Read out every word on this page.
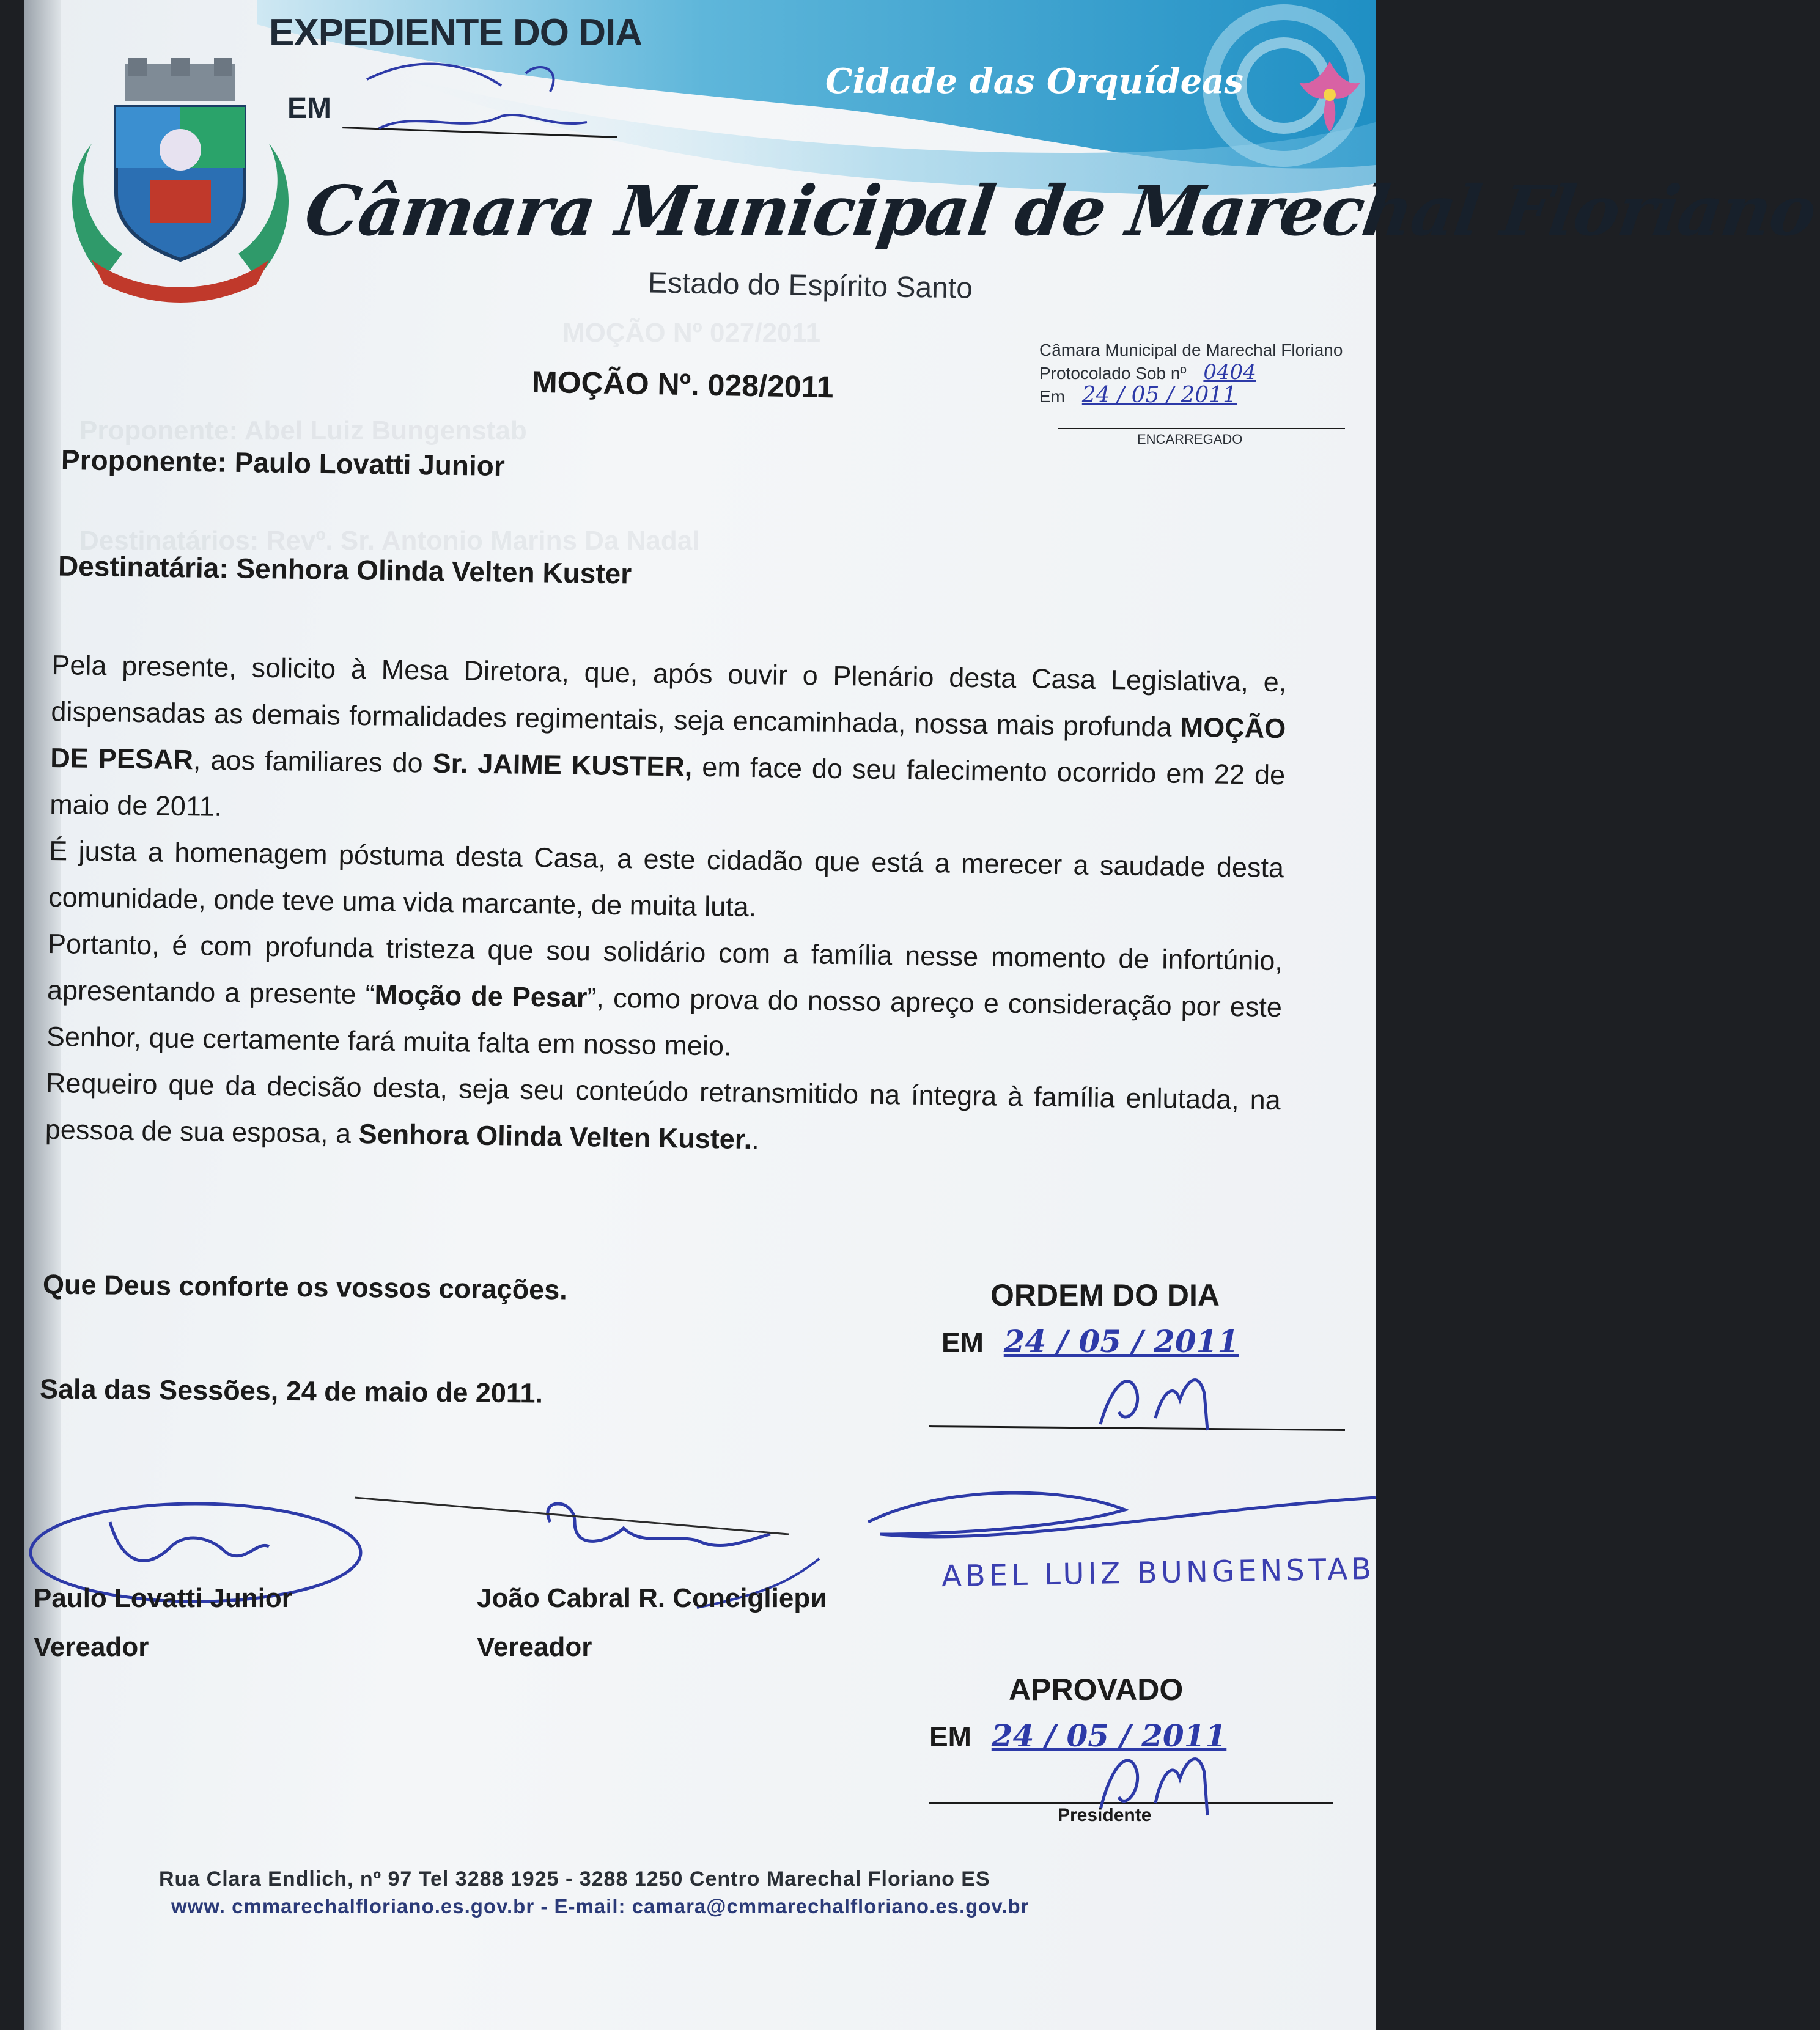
MOÇÃO Nº 027/2011
Proponente: Abel Luiz Bungenstab
Destinatários: Revº. Sr. Antonio Marins Da Nadal
EXPEDIENTE DO DIA
EM
Cidade das Orquídeas
Câmara Municipal de Marechal Floriano
Estado do Espírito Santo
Câmara Municipal de Marechal Floriano
Protocolado Sob nº 0404
Em 24 / 05 / 2011
ENCARREGADO
MOÇÃO Nº. 028/2011
Proponente: Paulo Lovatti Junior
Destinatária: Senhora Olinda Velten Kuster

Pela presente, solicito à Mesa Diretora, que, após ouvir o Plenário desta Casa Legislativa, e, dispensadas as demais formalidades regimentais, seja encaminhada, nossa mais profunda MOÇÃO DE PESAR, aos familiares do Sr. JAIME KUSTER, em face do seu falecimento ocorrido em 22 de maio de 2011.

É justa a homenagem póstuma desta Casa, a este cidadão que está a merecer a saudade desta comunidade, onde teve uma vida marcante, de muita luta.

Portanto, é com profunda tristeza que sou solidário com a família nesse momento de infortúnio, apresentando a presente “Moção de Pesar”, como prova do nosso apreço e consideração por este Senhor, que certamente fará muita falta em nosso meio.

Requeiro que da decisão desta, seja seu conteúdo retransmitido na íntegra à família enlutada, na pessoa de sua esposa, a Senhora Olinda Velten Kuster..

Que Deus conforte os vossos corações.
Sala das Sessões, 24 de maio de 2011.
ORDEM DO DIA
EM 24 / 05 / 2011
Paulo Lovatti Junior
Vereador
João Cabral R. Concigliери
Vereador
ABEL LUIZ BUNGENSTAB
APROVADO
EM 24 / 05 / 2011
Presidente
Rua Clara Endlich, nº 97 Tel 3288 1925 - 3288 1250 Centro Marechal Floriano ES
www. cmmarechalfloriano.es.gov.br - E-mail: camara@cmmarechalfloriano.es.gov.br
